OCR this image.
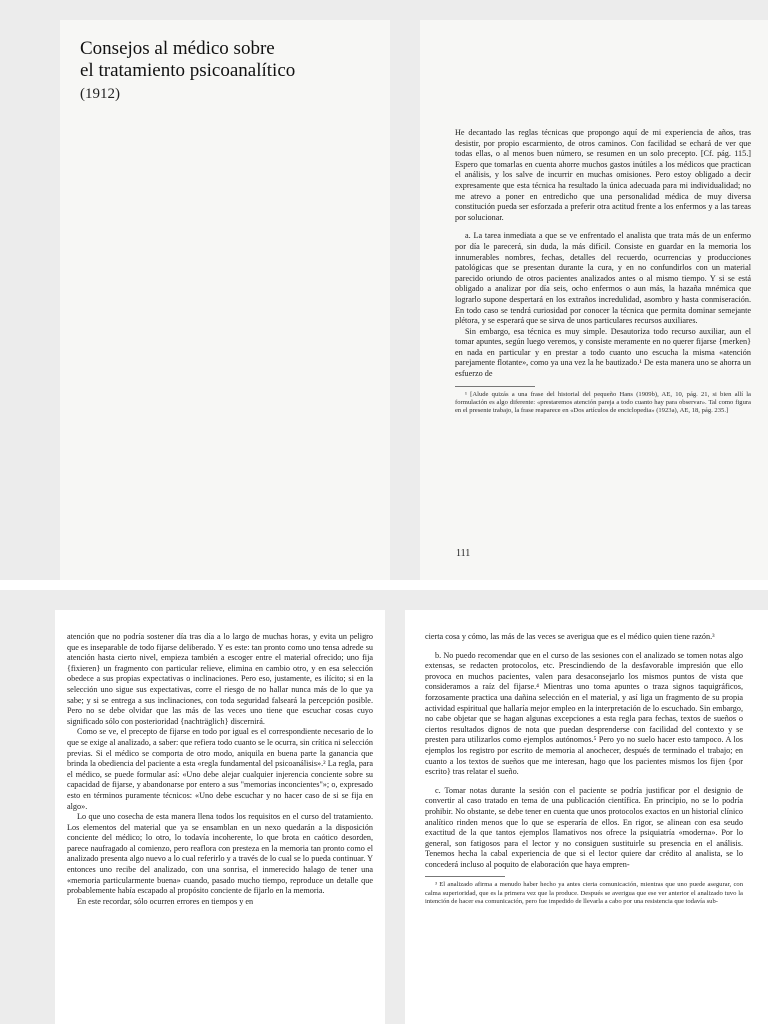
Consejos al médico sobre
el tratamiento psicoanalítico
(1912)

He decantado las reglas técnicas que propongo aquí de mi experiencia de años, tras desistir, por propio escarmiento, de otros caminos. Con facilidad se echará de ver que todas ellas, o al menos buen número, se resumen en un solo precepto. [Cf. pág. 115.] Espero que tomarlas en cuenta ahorre muchos gastos inútiles a los médicos que practican el análisis, y los salve de incurrir en muchas omisiones. Pero estoy obligado a decir expresamente que esta técnica ha resultado la única adecuada para mi individualidad; no me atrevo a poner en entredicho que una personalidad médica de muy diversa constitución pueda ser esforzada a preferir otra actitud frente a los enfermos y a las tareas por solucionar.

a. La tarea inmediata a que se ve enfrentado el analista que trata más de un enfermo por día le parecerá, sin duda, la más difícil. Consiste en guardar en la memoria los innumerables nombres, fechas, detalles del recuerdo, ocurrencias y producciones patológicas que se presentan durante la cura, y en no confundirlos con un material parecido oriundo de otros pacientes analizados antes o al mismo tiempo. Y si se está obligado a analizar por día seis, ocho enfermos o aun más, la hazaña mnémica que lograrlo supone despertará en los extraños incredulidad, asombro y hasta conmiseración. En todo caso se tendrá curiosidad por conocer la técnica que permita dominar semejante plétora, y se esperará que se sirva de unos particulares recursos auxiliares.

Sin embargo, esa técnica es muy simple. Desautoriza todo recurso auxiliar, aun el tomar apuntes, según luego veremos, y consiste meramente en no querer fijarse {merken} en nada en particular y en prestar a todo cuanto uno escucha la misma «atención parejamente flotante», como ya una vez la he bautizado.¹ De esta manera uno se ahorra un esfuerzo de

¹ [Alude quizás a una frase del historial del pequeño Hans (1909b), AE, 10, pág. 21, si bien allí la formulación es algo diferente: «prestaremos atención pareja a todo cuanto hay para observar». Tal como figura en el presente trabajo, la frase reaparece en «Dos artículos de enciclopedia» (1923a), AE, 18, pág. 235.]

111

atención que no podría sostener día tras día a lo largo de muchas horas, y evita un peligro que es inseparable de todo fijarse deliberado. Y es este: tan pronto como uno tensa adrede su atención hasta cierto nivel, empieza también a escoger entre el material ofrecido; uno fija {fixieren} un fragmento con particular relieve, elimina en cambio otro, y en esa selección obedece a sus propias expectativas o inclinaciones. Pero eso, justamente, es ilícito; si en la selección uno sigue sus expectativas, corre el riesgo de no hallar nunca más de lo que ya sabe; y si se entrega a sus inclinaciones, con toda seguridad falseará la percepción posible. Pero no se debe olvidar que las más de las veces uno tiene que escuchar cosas cuyo significado sólo con posterioridad {nachträglich} discernirá.

Como se ve, el precepto de fijarse en todo por igual es el correspondiente necesario de lo que se exige al analizado, a saber: que refiera todo cuanto se le ocurra, sin crítica ni selección previas. Si el médico se comporta de otro modo, aniquila en buena parte la ganancia que brinda la obediencia del paciente a esta «regla fundamental del psicoanálisis».² La regla, para el médico, se puede formular así: «Uno debe alejar cualquier injerencia conciente sobre su capacidad de fijarse, y abandonarse por entero a sus "memorias inconcientes"»; o, expresado esto en términos puramente técnicos: «Uno debe escuchar y no hacer caso de si se fija en algo».

Lo que uno cosecha de esta manera llena todos los requisitos en el curso del tratamiento. Los elementos del material que ya se ensamblan en un nexo quedarán a la disposición conciente del médico; lo otro, lo todavía incoherente, lo que brota en caótico desorden, parece naufragado al comienzo, pero reaflora con presteza en la memoria tan pronto como el analizado presenta algo nuevo a lo cual referirlo y a través de lo cual se lo pueda continuar. Y entonces uno recibe del analizado, con una sonrisa, el inmerecido halago de tener una «memoria particularmente buena» cuando, pasado mucho tiempo, reproduce un detalle que probablemente había escapado al propósito conciente de fijarlo en la memoria.

En este recordar, sólo ocurren errores en tiempos y en

cierta cosa y cómo, las más de las veces se averigua que es el médico quien tiene razón.³

b. No puedo recomendar que en el curso de las sesiones con el analizado se tomen notas algo extensas, se redacten protocolos, etc. Prescindiendo de la desfavorable impresión que ello provoca en muchos pacientes, valen para desaconsejarlo los mismos puntos de vista que consideramos a raíz del fijarse.⁴ Mientras uno toma apuntes o traza signos taquigráficos, forzosamente practica una dañina selección en el material, y así liga un fragmento de su propia actividad espiritual que hallaría mejor empleo en la interpretación de lo escuchado. Sin embargo, no cabe objetar que se hagan algunas excepciones a esta regla para fechas, textos de sueños o ciertos resultados dignos de nota que puedan desprenderse con facilidad del contexto y se presten para utilizarlos como ejemplos autónomos.⁵ Pero yo no suelo hacer esto tampoco. A los ejemplos los registro por escrito de memoria al anochecer, después de terminado el trabajo; en cuanto a los textos de sueños que me interesan, hago que los pacientes mismos los fijen {por escrito} tras relatar el sueño.

c. Tomar notas durante la sesión con el paciente se podría justificar por el designio de convertir al caso tratado en tema de una publicación científica. En principio, no se lo podría prohibir. No obstante, se debe tener en cuenta que unos protocolos exactos en un historial clínico analítico rinden menos que lo que se esperaría de ellos. En rigor, se alinean con esa seudo exactitud de la que tantos ejemplos llamativos nos ofrece la psiquiatría «moderna». Por lo general, son fatigosos para el lector y no consiguen sustituirle su presencia en el análisis. Tenemos hecha la cabal experiencia de que si el lector quiere dar crédito al analista, se lo concederá incluso al poquito de elaboración que haya empren-

³ El analizado afirma a menudo haber hecho ya antes cierta comunicación, mientras que uno puede asegurar, con calma superioridad, que es la primera vez que la produce. Después se averigua que ese ver anterior el analizado tuvo la intención de hacer esa comunicación, pero fue impedido de llevarla a cabo por una resistencia que todavía sub-
